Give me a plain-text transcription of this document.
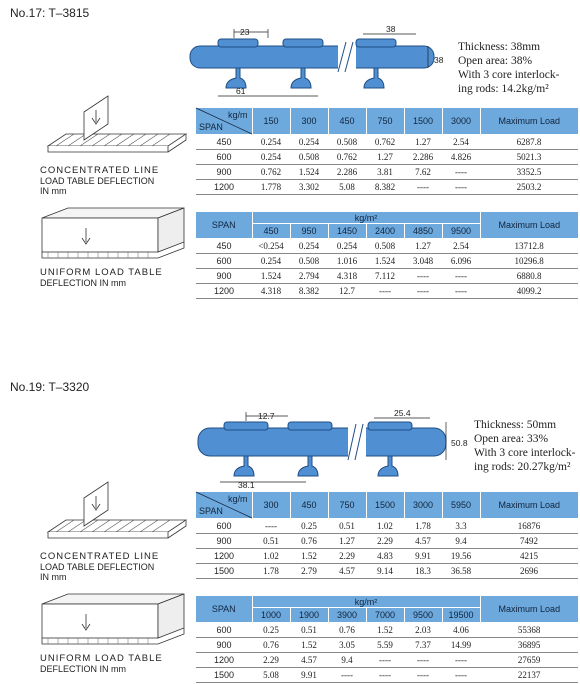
No.17: T–3815
23	38
38
61
Thickness: 38mm
Open area: 38%
With 3 core interlock-
ing rods: 14.2kg/m²
CONCENTRATED LINE
LOAD TABLE DEFLECTION
IN mm
UNIFORM LOAD TABLE
DEFLECTION IN mm
kg/m
SPAN	150	300	450	750	1500	3000	Maximum Load
450	0.254	0.254	0.508	0.762	1.27	2.54	6287.8
600	0.254	0.508	0.762	1.27	2.286	4.826	5021.3
900	0.762	1.524	2.286	3.81	7.62	----	3352.5
1200	1.778	3.302	5.08	8.382	----	----	2503.2
SPAN	kg/m²						Maximum Load
	450	950	1450	2400	4850	9500	
450	<0.254	0.254	0.254	0.508	1.27	2.54	13712.8
600	0.254	0.508	1.016	1.524	3.048	6.096	10296.8
900	1.524	2.794	4.318	7.112	----	----	6880.8
1200	4.318	8.382	12.7	----	----	----	4099.2
No.19: T–3320
12.7	25.4
50.8
38.1
Thickness: 50mm
Open area: 33%
With 3 core interlock-
ing rods: 20.27kg/m²
CONCENTRATED LINE
LOAD TABLE DEFLECTION
IN mm
UNIFORM LOAD TABLE
DEFLECTION IN mm
kg/m
SPAN	300	450	750	1500	3000	5950	Maximum Load
600	----	0.25	0.51	1.02	1.78	3.3	16876
900	0.51	0.76	1.27	2.29	4.57	9.4	7492
1200	1.02	1.52	2.29	4.83	9.91	19.56	4215
1500	1.78	2.79	4.57	9.14	18.3	36.58	2696
SPAN	kg/m²						Maximum Load
	1000	1900	3900	7000	9500	19500	
600	0.25	0.51	0.76	1.52	2.03	4.06	55368
900	0.76	1.52	3.05	5.59	7.37	14.99	36895
1200	2.29	4.57	9.4	----	----	----	27659
1500	5.08	9.91	----	----	----	----	22137
